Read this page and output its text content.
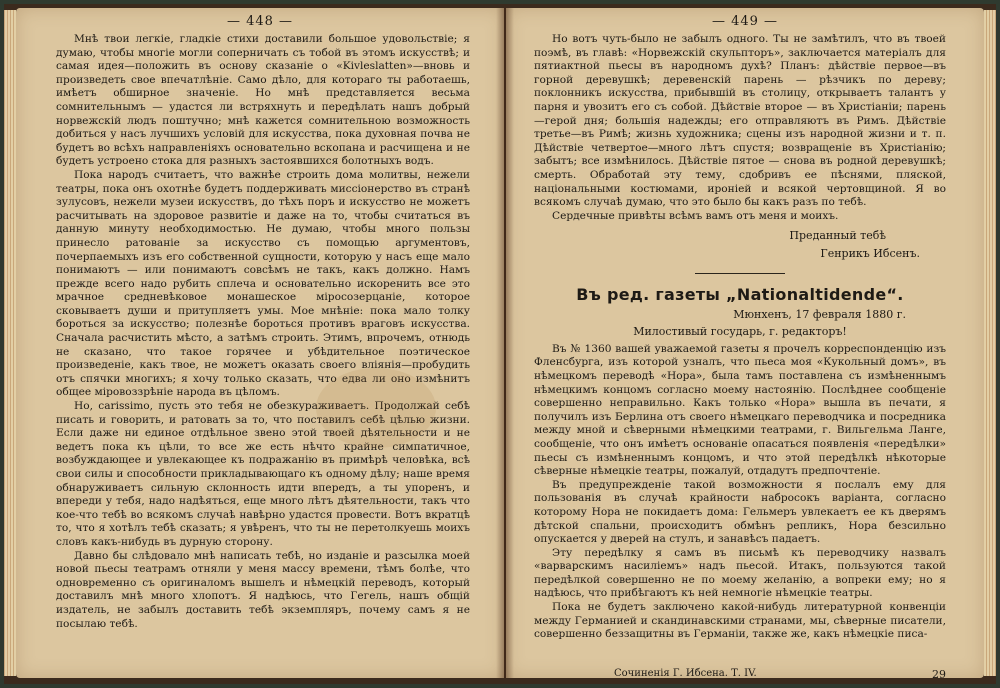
— 448 —

Мнѣ твои легкіе, гладкіе стихи доставили большое удовольствіе; я думаю, чтобы многіе могли соперничать съ тобой въ этомъ искусствѣ; и самая идея—положить въ основу сказаніе о «Kivleslatten»—вновь и произведеть свое впечатлѣніе. Само дѣло, для котораго ты работаешь, имѣетъ обширное значеніе. Но мнѣ представляется весьма сомнительнымъ — удастся ли встряхнуть и передѣлать нашъ добрый норвежскій людъ поштучно; мнѣ кажется сомнительною возможность добиться у насъ лучшихъ условій для искусства, пока духовная почва не будетъ во всѣхъ направленіяхъ основательно вскопана и расчищена и не будетъ устроено стока для разныхъ застоявшихся болотныхъ водъ.

Пока народъ считаетъ, что важнѣе строить дома молитвы, нежели театры, пока онъ охотнѣе будетъ поддерживать миссіонерство въ странѣ зулусовъ, нежели музеи искусствъ, до тѣхъ поръ и искусство не можетъ расчитывать на здоровое развитіе и даже на то, чтобы считаться въ данную минуту необходимостью. Не думаю, чтобы много пользы принесло ратованіе за искусство съ помощью аргументовъ, почерпаемыхъ изъ его собственной сущности, которую у насъ еще мало понимаютъ — или понимаютъ совсѣмъ не такъ, какъ должно. Намъ прежде всего надо рубить сплеча и основательно искоренить все это мрачное средневѣковое монашеское міросозерцаніе, которое сковываетъ души и притупляетъ умы. Мое мнѣніе: пока мало толку бороться за искусство; полезнѣе бороться противъ враговъ искусства. Сначала расчистить мѣсто, а затѣмъ строить. Этимъ, впрочемъ, отнюдь не сказано, что такое горячее и убѣдительное поэтическое произведеніе, какъ твое, не можетъ оказать своего вліянія—пробудить отъ спячки многихъ; я хочу только сказать, что едва ли оно измѣнитъ общее міровоззрѣніе народа въ цѣломъ.

Но, carissimo, пусть это тебя не обезкураживаетъ. Продолжай себѣ писать и говорить, и ратовать за то, что поставилъ себѣ цѣлью жизни. Если даже ни единое отдѣльное звено этой твоей дѣятельности и не ведетъ пока къ цѣли, то все же есть нѣчто крайне симпатичное, возбуждающее и увлекающее къ подражанію въ примѣрѣ человѣка, всѣ свои силы и способности прикладывающаго къ одному дѣлу; наше время обнаруживаетъ сильную склонность идти впередъ, а ты упоренъ, и впереди у тебя, надо надѣяться, еще много лѣтъ дѣятельности, такъ что кое-что тебѣ во всякомъ случаѣ навѣрно удастся провести. Вотъ вкратцѣ то, что я хотѣлъ тебѣ сказать; я увѣренъ, что ты не перетолкуешь моихъ словъ какъ-нибудь въ дурную сторону.

Давно бы слѣдовало мнѣ написать тебѣ, но изданіе и разсылка моей новой пьесы театрамъ отняли у меня массу времени, тѣмъ болѣе, что одновременно съ оригиналомъ вышелъ и нѣмецкій переводъ, который доставилъ мнѣ много хлопотъ. Я надѣюсь, что Гегель, нашъ общій издатель, не забылъ доставить тебѣ экземпляръ, почему самъ я не посылаю тебѣ.

— 449 —

Но вотъ чуть-было не забылъ одного. Ты не замѣтилъ, что въ твоей поэмѣ, въ главѣ: «Норвежскій скульпторъ», заключается матеріалъ для пятиактной пьесы въ народномъ духѣ? Планъ: дѣйствіе первое—въ горной деревушкѣ; деревенскій парень — рѣзчикъ по дереву; поклонникъ искусства, прибывшій въ столицу, открываетъ талантъ у парня и увозитъ его съ собой. Дѣйствіе второе — въ Христіаніи; парень—герой дня; большія надежды; его отправляютъ въ Римъ. Дѣйствіе третье—въ Римѣ; жизнь художника; сцены изъ народной жизни и т. п. Дѣйствіе четвертое—много лѣтъ спустя; возвращеніе въ Христіанію; забытъ; все измѣнилось. Дѣйствіе пятое — снова въ родной деревушкѣ; смерть. Обработай эту тему, сдобривъ ее пѣснями, пляской, національными костюмами, ироніей и всякой чертовщиной. Я во всякомъ случаѣ думаю, что это было бы какъ разъ по тебѣ.

Сердечные привѣты всѣмъ вамъ отъ меня и моихъ.

Преданный тебѣ
Генрикъ Ибсенъ.
Въ ред. газеты „Nationaltidende“.
Мюнхенъ, 17 февраля 1880 г.
Милостивый государь, г. редакторъ!

Въ № 1360 вашей уважаемой газеты я прочелъ корреспонденцію изъ Фленсбурга, изъ которой узналъ, что пьеса моя «Кукольный домъ», въ нѣмецкомъ переводѣ «Нора», была тамъ поставлена съ измѣненнымъ нѣмецкимъ концомъ согласно моему настоянію. Послѣднее сообщеніе совершенно неправильно. Какъ только «Нора» вышла въ печати, я получилъ изъ Берлина отъ своего нѣмецкаго переводчика и посредника между мной и сѣверными нѣмецкими театрами, г. Вильгельма Ланге, сообщеніе, что онъ имѣетъ основаніе опасаться появленія «передѣлки» пьесы съ измѣненнымъ концомъ, и что этой передѣлкѣ нѣкоторые сѣверные нѣмецкіе театры, пожалуй, отдадутъ предпочтеніе.

Въ предупрежденіе такой возможности я послалъ ему для пользованія въ случаѣ крайности набросокъ варіанта, согласно которому Нора не покидаетъ дома: Гельмеръ увлекаетъ ее къ дверямъ дѣтской спальни, происходитъ обмѣнъ репликъ, Нора безсильно опускается у дверей на стулъ, и занавѣсъ падаетъ.

Эту передѣлку я самъ въ письмѣ къ переводчику назвалъ «варварскимъ насиліемъ» надъ пьесой. Итакъ, пользуются такой передѣлкой совершенно не по моему желанію, а вопреки ему; но я надѣюсь, что прибѣгаютъ къ ней немногіе нѣмецкіе театры.

Пока не будетъ заключено какой-нибудь литературной конвенціи между Германией и скандинавскими странами, мы, сѣверные писатели, совершенно беззащитны въ Германіи, также же, какъ нѣмецкіе писа-

Сочиненія Г. Ибсена. Т. IV.	29
